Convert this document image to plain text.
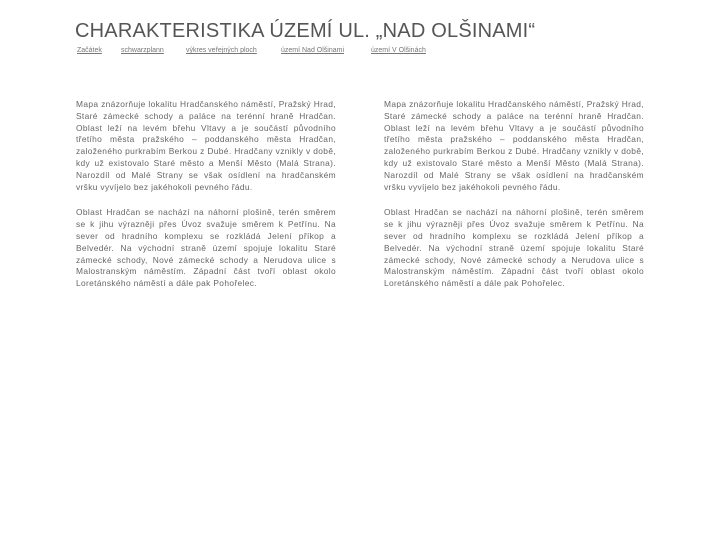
CHARAKTERISTIKA ÚZEMÍ UL. „NAD OLŠINAMI“
Začátek	schwarzplann	výkres veřejných ploch	území Nad Olšinami	území V Olšinách

Mapa znázorňuje lokalitu Hradčanského náměstí, Pražský Hrad, Staré zámecké schody a paláce na terénní hraně Hradčan. Oblast leží na levém břehu Vltavy a je součástí původního třetího města pražského – poddanského města Hradčan, založeného purkrabím Berkou z Dubé. Hradčany vznikly v době, kdy už existovalo Staré město a Menší Město (Malá Strana). Narozdíl od Malé Strany se však osídlení na hradčanském vršku vyvíjelo bez jakéhokoli pevného řádu.

Oblast Hradčan se nachází na náhorní plošině, terén směrem se k jihu výrazněji přes Úvoz svažuje směrem k Petřínu. Na sever od hradního komplexu se rozkládá Jelení příkop a Belvedér. Na východní straně území spojuje lokalitu Staré zámecké schody, Nové zámecké schody a Nerudova ulice s Malostranským náměstím. Západní část tvoří oblast okolo Loretánského náměstí a dále pak Pohořelec.

Mapa znázorňuje lokalitu Hradčanského náměstí, Pražský Hrad, Staré zámecké schody a paláce na terénní hraně Hradčan. Oblast leží na levém břehu Vltavy a je součástí původního třetího města pražského – poddanského města Hradčan, založeného purkrabím Berkou z Dubé. Hradčany vznikly v době, kdy už existovalo Staré město a Menší Město (Malá Strana). Narozdíl od Malé Strany se však osídlení na hradčanském vršku vyvíjelo bez jakéhokoli pevného řádu.

Oblast Hradčan se nachází na náhorní plošině, terén směrem se k jihu výrazněji přes Úvoz svažuje směrem k Petřínu. Na sever od hradního komplexu se rozkládá Jelení příkop a Belvedér. Na východní straně území spojuje lokalitu Staré zámecké schody, Nové zámecké schody a Nerudova ulice s Malostranským náměstím. Západní část tvoří oblast okolo Loretánského náměstí a dále pak Pohořelec.
